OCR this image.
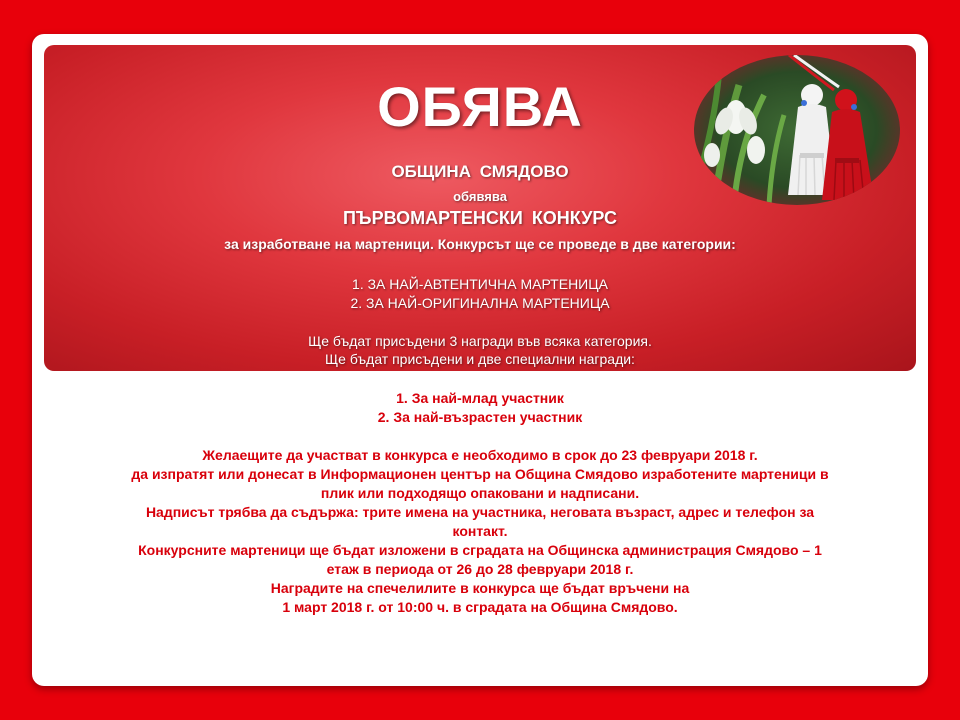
ОБЯВА

ОБЩИНА СМЯДОВО

обявява

ПЪРВОМАРТЕНСКИ КОНКУРС

за изработване на мартеници. Конкурсът ще се проведе в две категории:

1. ЗА НАЙ-АВТЕНТИЧНА МАРТЕНИЦА

2. ЗА НАЙ-ОРИГИНАЛНА МАРТЕНИЦА

Ще бъдат присъдени 3 награди във всяка категория.

Ще бъдат присъдени и две специални награди:

1. За най-млад участник

2. За най-възрастен участник

Желаещите да участват в конкурса е необходимо в срок до 23 февруари 2018 г.
да изпратят или донесат в Информационен център на Община Смядово изработените мартеници в
плик или подходящо опаковани и надписани.
Надписът трябва да съдържа: трите имена на участника, неговата възраст, адрес и телефон за
контакт.
Конкурсните мартеници ще бъдат изложени в сградата на Общинска администрация Смядово – 1
етаж в периода от 26 до 28 февруари 2018 г.
Наградите на спечелилите в конкурса ще бъдат връчени на
1 март 2018 г. от 10:00 ч. в сградата на Община Смядово.
